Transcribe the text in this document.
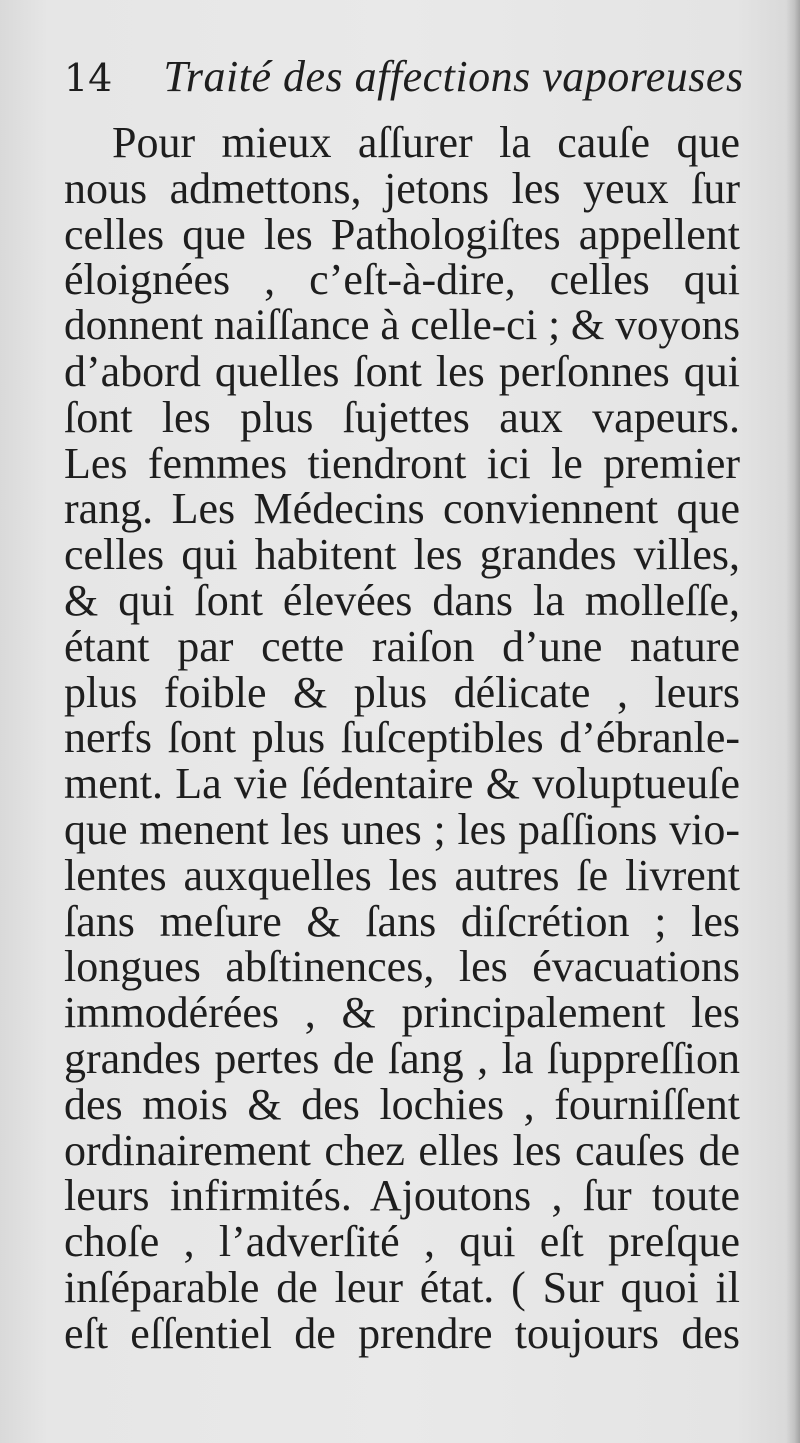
14 Traité des affections vaporeuses
Pour mieux aſſurer la cauſe que
nous admettons, jetons les yeux ſur
celles que les Pathologiſtes appellent
éloignées , c’eſt-à-dire, celles qui
donnent naiſſance à celle-ci ; & voyons
d’abord quelles ſont les perſonnes qui
ſont les plus ſujettes aux vapeurs.
Les femmes tiendront ici le premier
rang. Les Médecins conviennent que
celles qui habitent les grandes villes,
& qui ſont élevées dans la molleſſe,
étant par cette raiſon d’une nature
plus foible & plus délicate , leurs
nerfs ſont plus ſuſceptibles d’ébranle-
ment. La vie ſédentaire & voluptueuſe
que menent les unes ; les paſſions vio-
lentes auxquelles les autres ſe livrent
ſans meſure & ſans diſcrétion ; les
longues abſtinences, les évacuations
immodérées , & principalement les
grandes pertes de ſang , la ſuppreſſion
des mois & des lochies , fourniſſent
ordinairement chez elles les cauſes de
leurs infirmités. Ajoutons , ſur toute
choſe , l’adverſité , qui eſt preſque
inſéparable de leur état. ( Sur quoi il
eſt eſſentiel de prendre toujours des
